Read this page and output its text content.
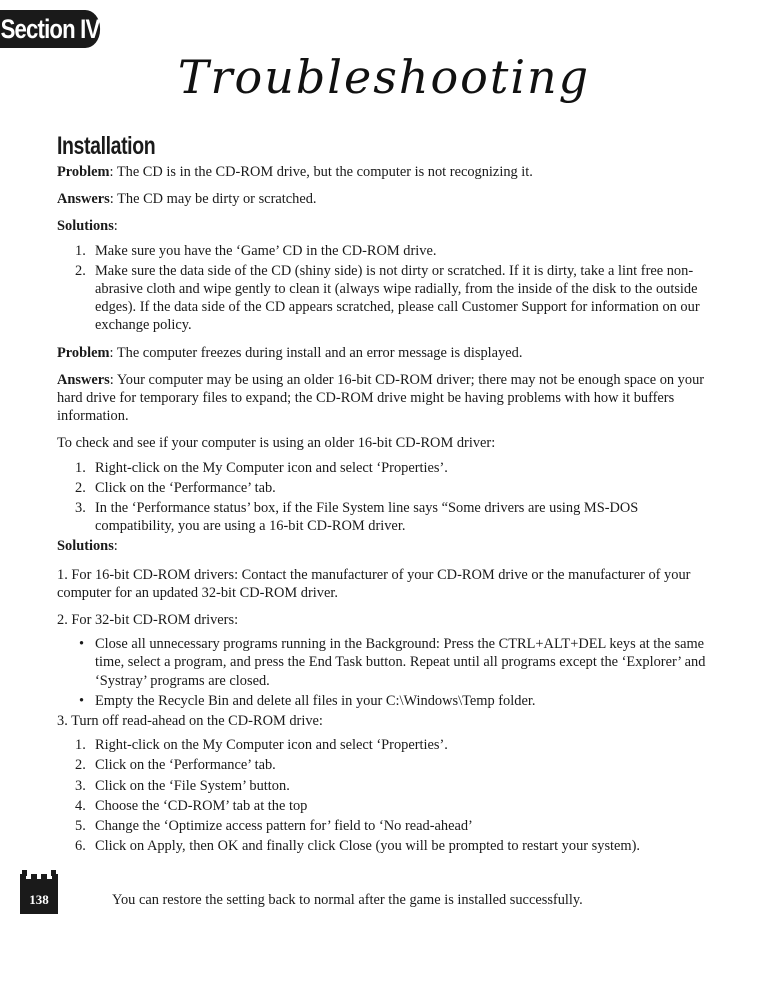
Section IV
Troubleshooting
Installation

Problem: The CD is in the CD-ROM drive, but the computer is not recognizing it.

Answers: The CD may be dirty or scratched.

Solutions:

1. Make sure you have the ‘Game’ CD in the CD-ROM drive.
2. Make sure the data side of the CD (shiny side) is not dirty or scratched. If it is dirty, take a lint free non-abrasive cloth and wipe gently to clean it (always wipe radially, from the inside of the disk to the outside edges). If the data side of the CD appears scratched, please call Customer Support for information on our exchange policy.

Problem: The computer freezes during install and an error message is displayed.

Answers: Your computer may be using an older 16-bit CD-ROM driver; there may not be enough space on your hard drive for temporary files to expand; the CD-ROM drive might be having problems with how it buffers information.

To check and see if your computer is using an older 16-bit CD-ROM driver:

1. Right-click on the My Computer icon and select ‘Properties’.
2. Click on the ‘Performance’ tab.
3. In the ‘Performance status’ box, if the File System line says “Some drivers are using MS-DOS compatibility, you are using a 16-bit CD-ROM driver.

Solutions:

1. For 16-bit CD-ROM drivers: Contact the manufacturer of your CD-ROM drive or the manufacturer of your computer for an updated 32-bit CD-ROM driver.

2. For 32-bit CD-ROM drivers:

• Close all unnecessary programs running in the Background: Press the CTRL+ALT+DEL keys at the same time, select a program, and press the End Task button. Repeat until all programs except the ‘Explorer’ and ‘Systray’ programs are closed.
• Empty the Recycle Bin and delete all files in your C:\Windows\Temp folder.

3. Turn off read-ahead on the CD-ROM drive:

1. Right-click on the My Computer icon and select ‘Properties’.
2. Click on the ‘Performance’ tab.
3. Click on the ‘File System’ button.
4. Choose the ‘CD-ROM’ tab at the top
5. Change the ‘Optimize access pattern for’ field to ‘No read-ahead’
6. Click on Apply, then OK and finally click Close (you will be prompted to restart your system).
138	You can restore the setting back to normal after the game is installed successfully.
